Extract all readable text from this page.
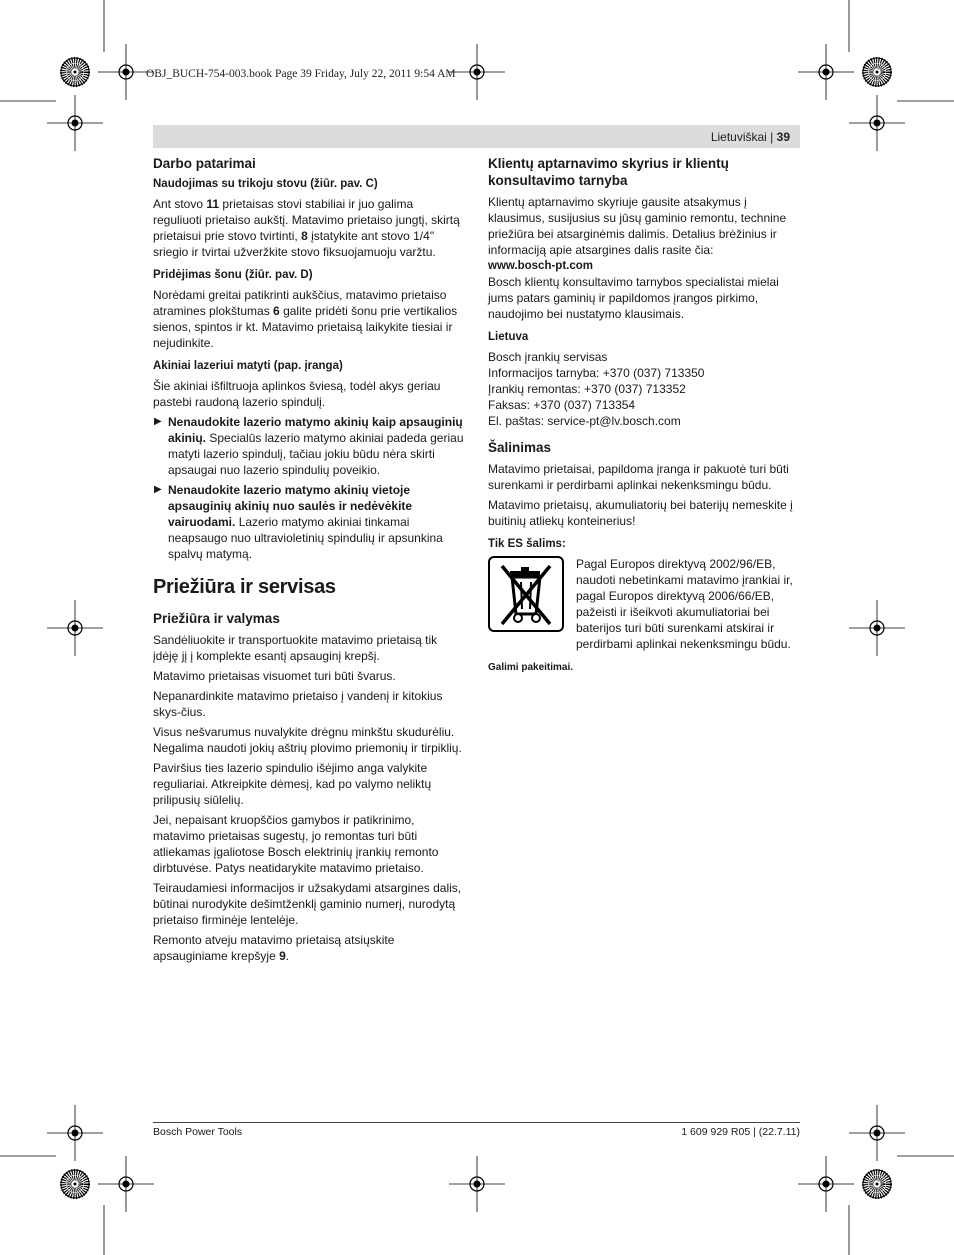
OBJ_BUCH-754-003.book Page 39 Friday, July 22, 2011 9:54 AM
Lietuviškai | 39
Darbo patarimai
Naudojimas su trikoju stovu (žiūr. pav. C)

Ant stovo 11 prietaisas stovi stabiliai ir juo galima reguliuoti prietaiso aukštį. Matavimo prietaiso jungtį, skirtą prietaisui prie stovo tvirtinti, 8 įstatykite ant stovo 1/4" sriegio ir tvirtai užveržkite stovo fiksuojamuoju varžtu.

Pridėjimas šonu (žiūr. pav. D)

Norėdami greitai patikrinti aukščius, matavimo prietaiso atramines plokštumas 6 galite pridėti šonu prie vertikalios sienos, spintos ir kt. Matavimo prietaisą laikykite tiesiai ir nejudinkite.

Akiniai lazeriui matyti (pap. įranga)

Šie akiniai išfiltruoja aplinkos šviesą, todėl akys geriau pastebi raudoną lazerio spindulį.

▶ Nenaudokite lazerio matymo akinių kaip apsauginių akinių. Specialūs lazerio matymo akiniai padeda geriau matyti lazerio spindulį, tačiau jokiu būdu nėra skirti apsaugai nuo lazerio spindulių poveikio.
▶ Nenaudokite lazerio matymo akinių vietoje apsauginių akinių nuo saulės ir nedėvėkite vairuodami. Lazerio matymo akiniai tinkamai neapsaugo nuo ultravioletinių spindulių ir apsunkina spalvų matymą.
Priežiūra ir servisas
Priežiūra ir valymas

Sandėliuokite ir transportuokite matavimo prietaisą tik įdėję jį į komplekte esantį apsauginį krepšį.

Matavimo prietaisas visuomet turi būti švarus.

Nepanardinkite matavimo prietaiso į vandenį ir kitokius skys-čius.

Visus nešvarumus nuvalykite drėgnu minkštu skudurėliu. Negalima naudoti jokių aštrių plovimo priemonių ir tirpiklių.

Paviršius ties lazerio spindulio išėjimo anga valykite reguliariai. Atkreipkite dėmesį, kad po valymo neliktų prilipusių siūlelių.

Jei, nepaisant kruopščios gamybos ir patikrinimo, matavimo prietaisas sugestų, jo remontas turi būti atliekamas įgaliotose Bosch elektrinių įrankių remonto dirbtuvėse. Patys neatidarykite matavimo prietaiso.

Teiraudamiesi informacijos ir užsakydami atsargines dalis, būtinai nurodykite dešimtženklį gaminio numerį, nurodytą prietaiso firminėje lentelėje.

Remonto atveju matavimo prietaisą atsiųskite apsauginiame krepšyje 9.

Klientų aptarnavimo skyrius ir klientų konsultavimo tarnyba

Klientų aptarnavimo skyriuje gausite atsakymus į klausimus, susijusius su jūsų gaminio remontu, technine priežiūra bei atsarginėmis dalimis. Detalius brėžinius ir informaciją apie atsargines dalis rasite čia:

www.bosch-pt.com

Bosch klientų konsultavimo tarnybos specialistai mielai jums patars gaminių ir papildomos įrangos pirkimo, naudojimo bei nustatymo klausimais.

Lietuva
Bosch įrankių servisas
Informacijos tarnyba: +370 (037) 713350
Įrankių remontas: +370 (037) 713352
Faksas: +370 (037) 713354
El. paštas: service-pt@lv.bosch.com
Šalinimas

Matavimo prietaisai, papildoma įranga ir pakuotė turi būti surenkami ir perdirbami aplinkai nekenksmingu būdu.

Matavimo prietaisų, akumuliatorių bei baterijų nemeskite į buitinių atliekų konteinerius!

Tik ES šalims:

Pagal Europos direktyvą 2002/96/EB, naudoti nebetinkami matavimo įrankiai ir, pagal Europos direktyvą 2006/66/EB, pažeisti ir išeikvoti akumuliatoriai bei baterijos turi būti surenkami atskirai ir perdirbami aplinkai nekenksmingu būdu.

Galimi pakeitimai.
Bosch Power Tools	1 609 929 R05 | (22.7.11)
